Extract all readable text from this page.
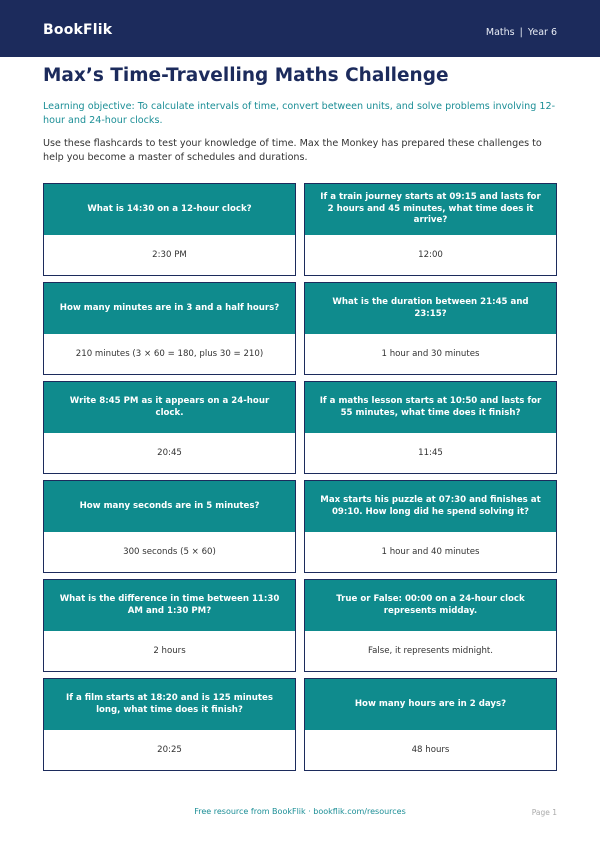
BookFlik	Maths | Year 6
Max’s Time-Travelling Maths Challenge

Learning objective: To calculate intervals of time, convert between units, and solve problems involving 12-hour and 24-hour clocks.

Use these flashcards to test your knowledge of time. Max the Monkey has prepared these challenges to help you become a master of schedules and durations.

What is 14:30 on a 12-hour clock?
2:30 PM
If a train journey starts at 09:15 and lasts for 2 hours and 45 minutes, what time does it arrive?
12:00
How many minutes are in 3 and a half hours?
210 minutes (3 × 60 = 180, plus 30 = 210)
What is the duration between 21:45 and 23:15?
1 hour and 30 minutes
Write 8:45 PM as it appears on a 24-hour clock.
20:45
If a maths lesson starts at 10:50 and lasts for 55 minutes, what time does it finish?
11:45
How many seconds are in 5 minutes?
300 seconds (5 × 60)
Max starts his puzzle at 07:30 and finishes at 09:10. How long did he spend solving it?
1 hour and 40 minutes
What is the difference in time between 11:30 AM and 1:30 PM?
2 hours
True or False: 00:00 on a 24-hour clock represents midday.
False, it represents midnight.
If a film starts at 18:20 and is 125 minutes long, what time does it finish?
20:25
How many hours are in 2 days?
48 hours
Free resource from BookFlik · bookflik.com/resources	Page 1
